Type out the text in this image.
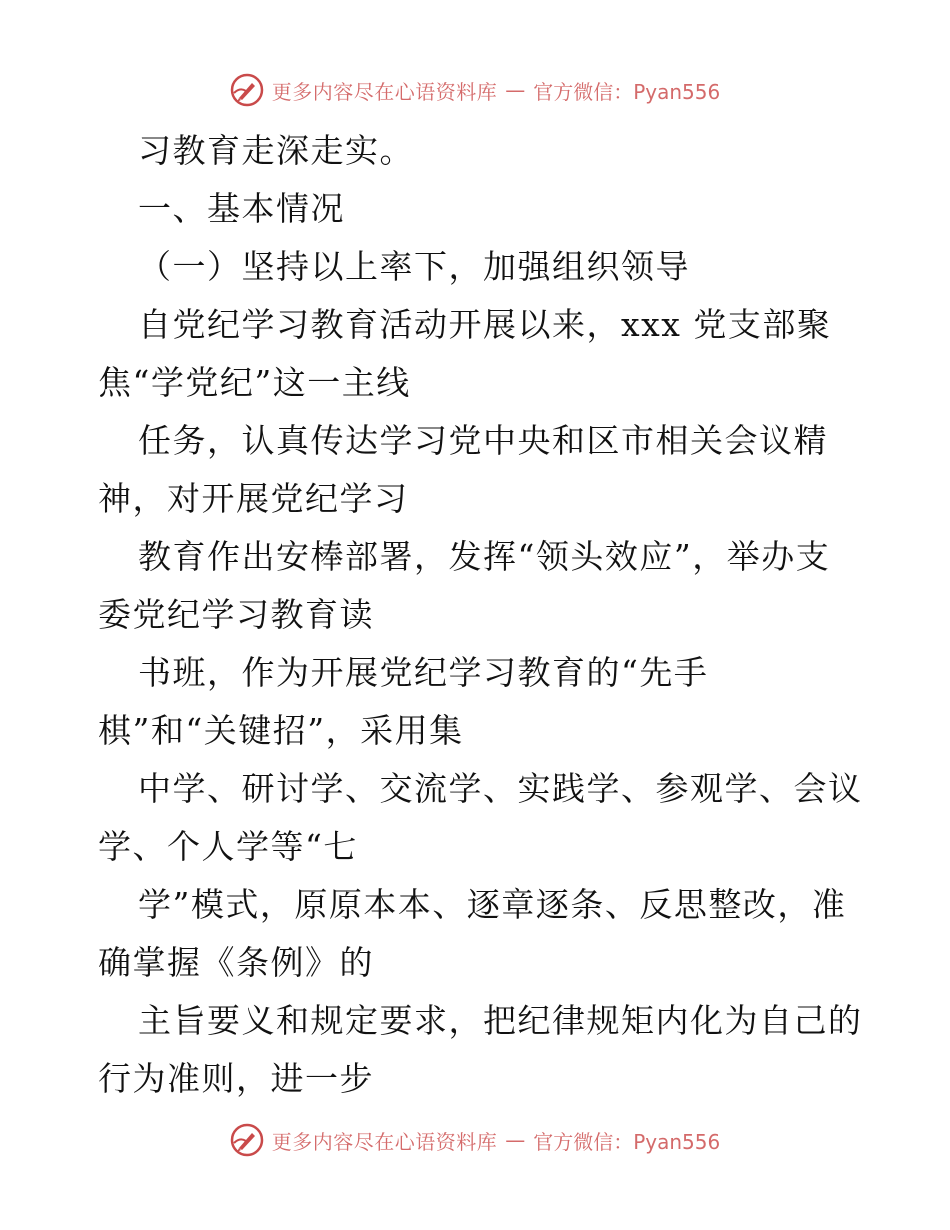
更多内容尽在心语资料库 — 官方微信：Pyan556
习教育走深走实。
一、基本情况
（一）坚持以上率下，加强组织领导
自党纪学习教育活动开展以来，xxx 党支部聚
焦“学党纪”这一主线
任务，认真传达学习党中央和区市相关会议精
神，对开展党纪学习
教育作出安棒部署，发挥“领头效应”，举办支
委党纪学习教育读
书班，作为开展党纪学习教育的“先手
棋”和“关键招”，采用集
中学、研讨学、交流学、实践学、参观学、会议
学、个人学等“七
学”模式，原原本本、逐章逐条、反思整改，准
确掌握《条例》的
主旨要义和规定要求，把纪律规矩内化为自己的
行为准则，进一步
更多内容尽在心语资料库 — 官方微信：Pyan556
